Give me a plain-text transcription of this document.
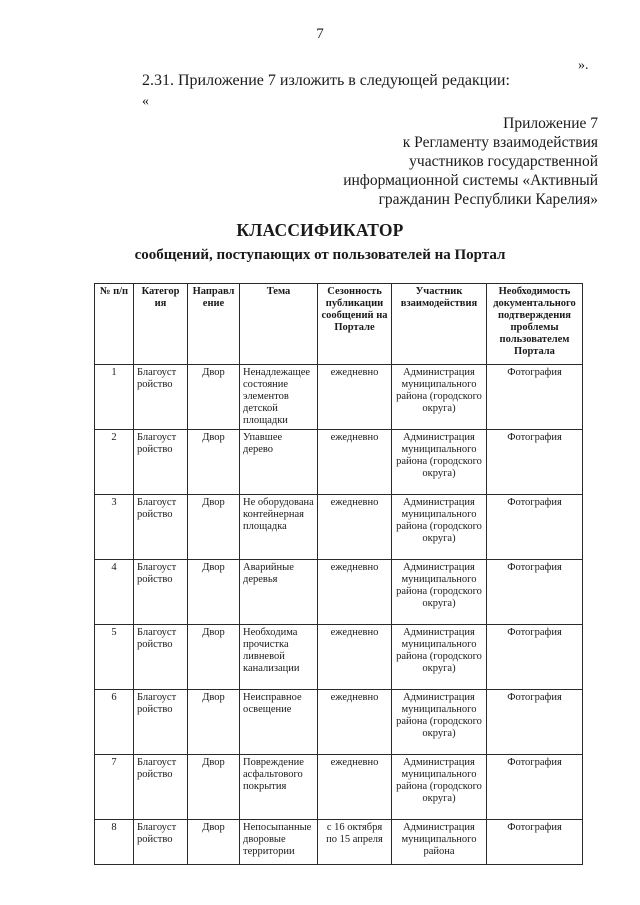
7
».
2.31. Приложение 7 изложить в следующей редакции:
«
Приложение 7
к Регламенту взаимодействия
участников государственной
информационной системы «Активный
гражданин Республики Карелия»
КЛАССИФИКАТОР
сообщений, поступающих от пользователей на Портал
№ п/п	Категор ия	Направл ение	Тема	Сезонность публикации сообщений на Портале	Участник взаимодействия	Необходимость документального подтверждения проблемы пользователем Портала
1	Благоуст ройство	Двор	Ненадлежащее состояние элементов детской площадки	ежедневно	Администрация муниципального района (городского округа)	Фотография
2	Благоуст ройство	Двор	Упавшее дерево	ежедневно	Администрация муниципального района (городского округа)	Фотография
3	Благоуст ройство	Двор	Не оборудована контейнерная площадка	ежедневно	Администрация муниципального района (городского округа)	Фотография
4	Благоуст ройство	Двор	Аварийные деревья	ежедневно	Администрация муниципального района (городского округа)	Фотография
5	Благоуст ройство	Двор	Необходима прочистка ливневой канализации	ежедневно	Администрация муниципального района (городского округа)	Фотография
6	Благоуст ройство	Двор	Неисправное освещение	ежедневно	Администрация муниципального района (городского округа)	Фотография
7	Благоуст ройство	Двор	Повреждение асфальтового покрытия	ежедневно	Администрация муниципального района (городского округа)	Фотография
8	Благоуст ройство	Двор	Непосыпанные дворовые территории	с 16 октября по 15 апреля	Администрация муниципального района	Фотография
